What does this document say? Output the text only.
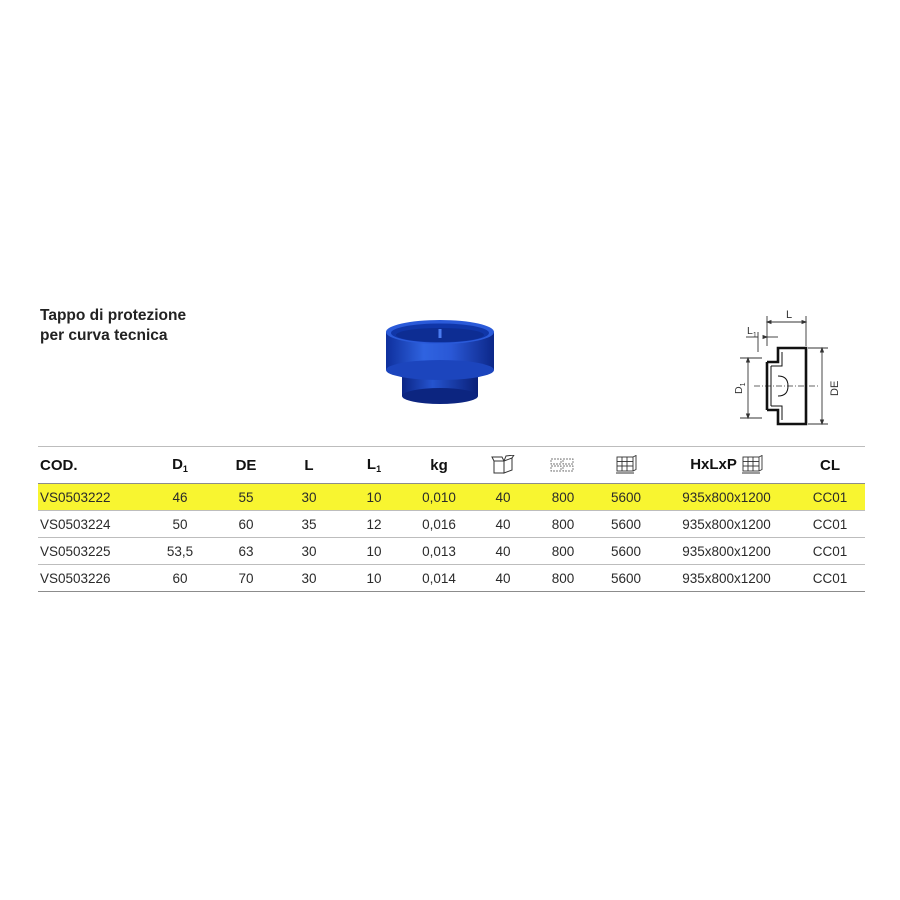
Tappo di protezione
per curva tecnica
L
$L_1$
$D_1$	DE
COD.	$D_1$	DE	L	$L_1$	kg				HxLxP	CL
VS0503222	46	55	30	10	0,010	40	800	5600	935x800x1200	CC01
VS0503224	50	60	35	12	0,016	40	800	5600	935x800x1200	CC01
VS0503225	53,5	63	30	10	0,013	40	800	5600	935x800x1200	CC01
VS0503226	60	70	30	10	0,014	40	800	5600	935x800x1200	CC01
